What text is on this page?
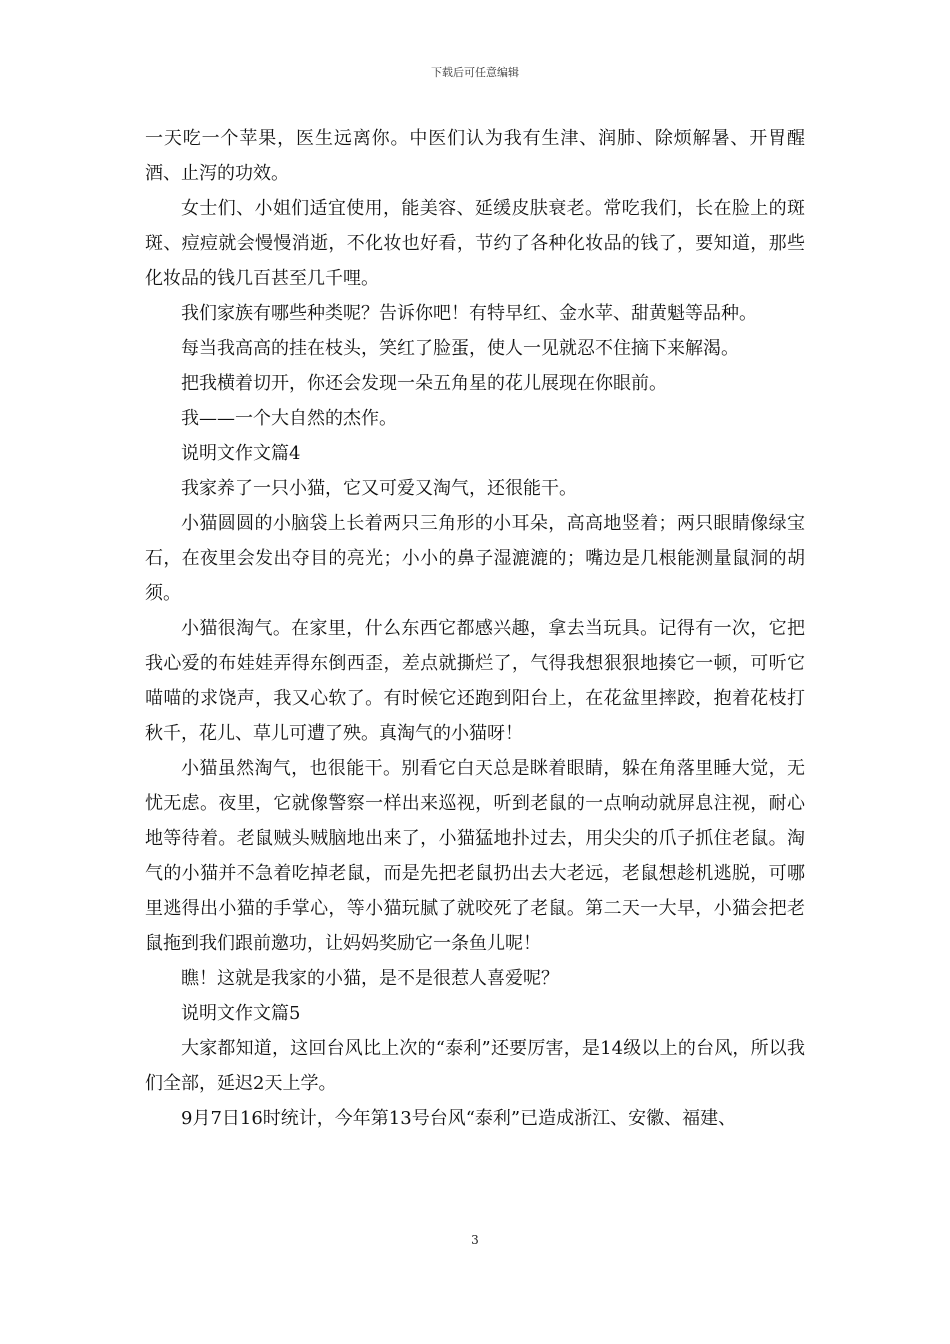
下载后可任意编辑

一天吃一个苹果，医生远离你。中医们认为我有生津、润肺、除烦解暑、开胃醒酒、止泻的功效。

女士们、小姐们适宜使用，能美容、延缓皮肤衰老。常吃我们，长在脸上的斑斑、痘痘就会慢慢消逝，不化妆也好看，节约了各种化妆品的钱了，要知道，那些化妆品的钱几百甚至几千哩。

我们家族有哪些种类呢？告诉你吧！有特早红、金水苹、甜黄魁等品种。

每当我高高的挂在枝头，笑红了脸蛋，使人一见就忍不住摘下来解渴。

把我横着切开，你还会发现一朵五角星的花儿展现在你眼前。

我——一个大自然的杰作。

说明文作文篇4

我家养了一只小猫，它又可爱又淘气，还很能干。

小猫圆圆的小脑袋上长着两只三角形的小耳朵，高高地竖着；两只眼睛像绿宝石，在夜里会发出夺目的亮光；小小的鼻子湿漉漉的；嘴边是几根能测量鼠洞的胡须。

小猫很淘气。在家里，什么东西它都感兴趣，拿去当玩具。记得有一次，它把我心爱的布娃娃弄得东倒西歪，差点就撕烂了，气得我想狠狠地揍它一顿，可听它喵喵的求饶声，我又心软了。有时候它还跑到阳台上，在花盆里摔跤，抱着花枝打秋千，花儿、草儿可遭了殃。真淘气的小猫呀！

小猫虽然淘气，也很能干。别看它白天总是眯着眼睛，躲在角落里睡大觉，无忧无虑。夜里，它就像警察一样出来巡视，听到老鼠的一点响动就屏息注视，耐心地等待着。老鼠贼头贼脑地出来了，小猫猛地扑过去，用尖尖的爪子抓住老鼠。淘气的小猫并不急着吃掉老鼠，而是先把老鼠扔出去大老远，老鼠想趁机逃脱，可哪里逃得出小猫的手掌心，等小猫玩腻了就咬死了老鼠。第二天一大早，小猫会把老鼠拖到我们跟前邀功，让妈妈奖励它一条鱼儿呢！

瞧！这就是我家的小猫，是不是很惹人喜爱呢？

说明文作文篇5

大家都知道，这回台风比上次的“泰利”还要厉害，是14级以上的台风，所以我们全部，延迟2天上学。

9月7日16时统计，今年第13号台风“泰利”已造成浙江、安徽、福建、

3
